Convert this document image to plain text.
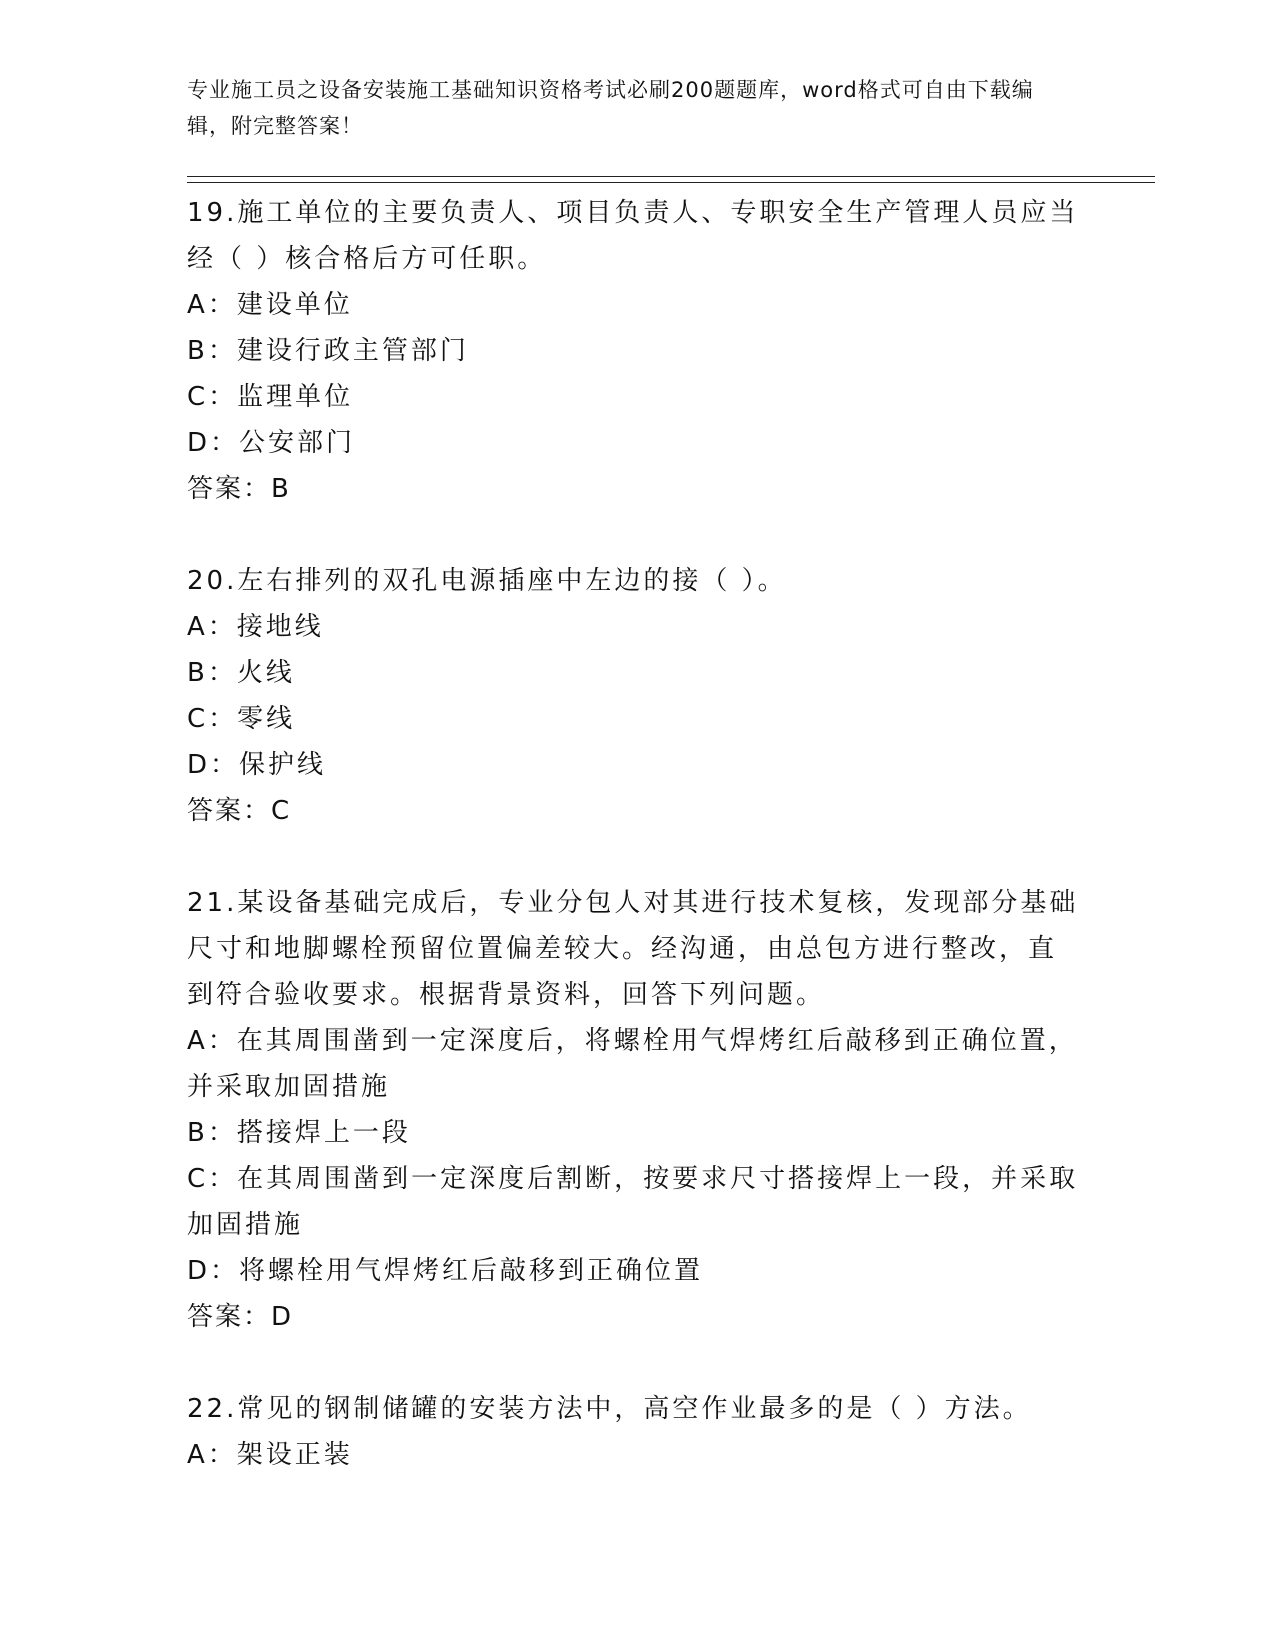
专业施工员之设备安装施工基础知识资格考试必刷200题题库，word格式可自由下载编辑，附完整答案！
19.施工单位的主要负责人、项目负责人、专职安全生产管理人员应当经（ ）核合格后方可任职。
A：建设单位
B：建设行政主管部门
C：监理单位
D：公安部门
答案：B
20.左右排列的双孔电源插座中左边的接（ ）。
A：接地线
B：火线
C：零线
D：保护线
答案：C
21.某设备基础完成后，专业分包人对其进行技术复核，发现部分基础尺寸和地脚螺栓预留位置偏差较大。经沟通，由总包方进行整改，直到符合验收要求。根据背景资料，回答下列问题。
A：在其周围凿到一定深度后，将螺栓用气焊烤红后敲移到正确位置，并采取加固措施
B：搭接焊上一段
C：在其周围凿到一定深度后割断，按要求尺寸搭接焊上一段，并采取加固措施
D：将螺栓用气焊烤红后敲移到正确位置
答案：D
22.常见的钢制储罐的安装方法中，高空作业最多的是（ ）方法。
A：架设正装
